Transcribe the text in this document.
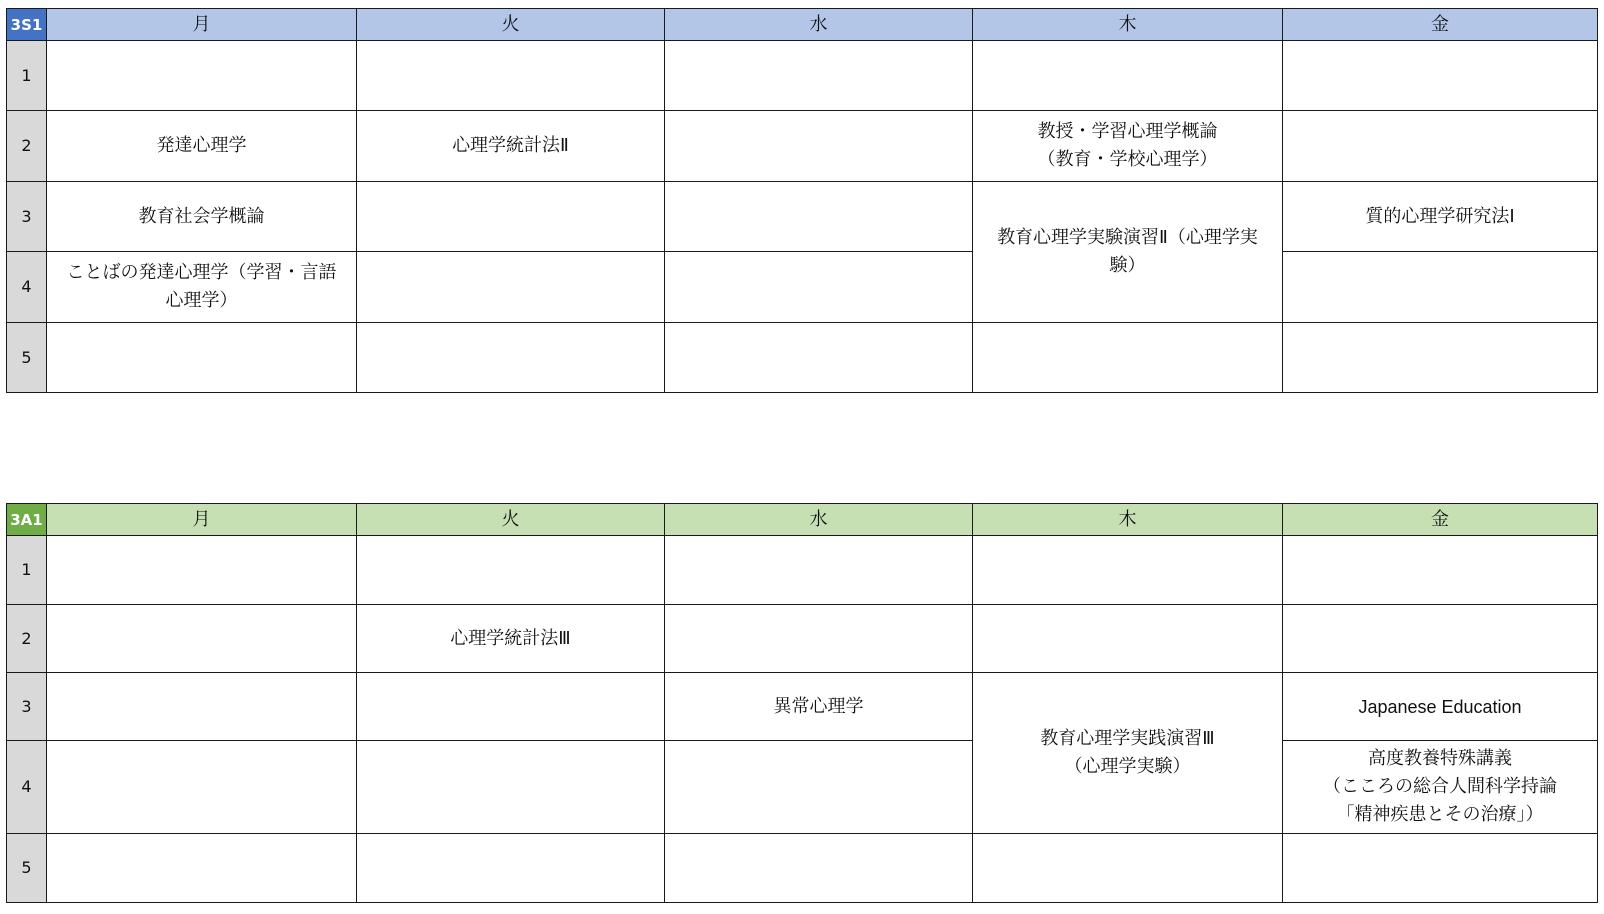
3S1	月	火	水	木	金
1					
2	発達心理学	心理学統計法Ⅱ		教授・学習心理学概論
（教育・学校心理学）	
3	教育社会学概論			教育心理学実験演習Ⅱ（心理学実
験）	質的心理学研究法Ⅰ
4	ことばの発達心理学（学習・言語
心理学）				
5					
3A1	月	火	水	木	金
1					
2		心理学統計法Ⅲ			
3			異常心理学	教育心理学実践演習Ⅲ
（心理学実験）	Japanese Education
4					高度教養特殊講義
（こころの総合人間科学持論
「精神疾患とその治療」）
5					
